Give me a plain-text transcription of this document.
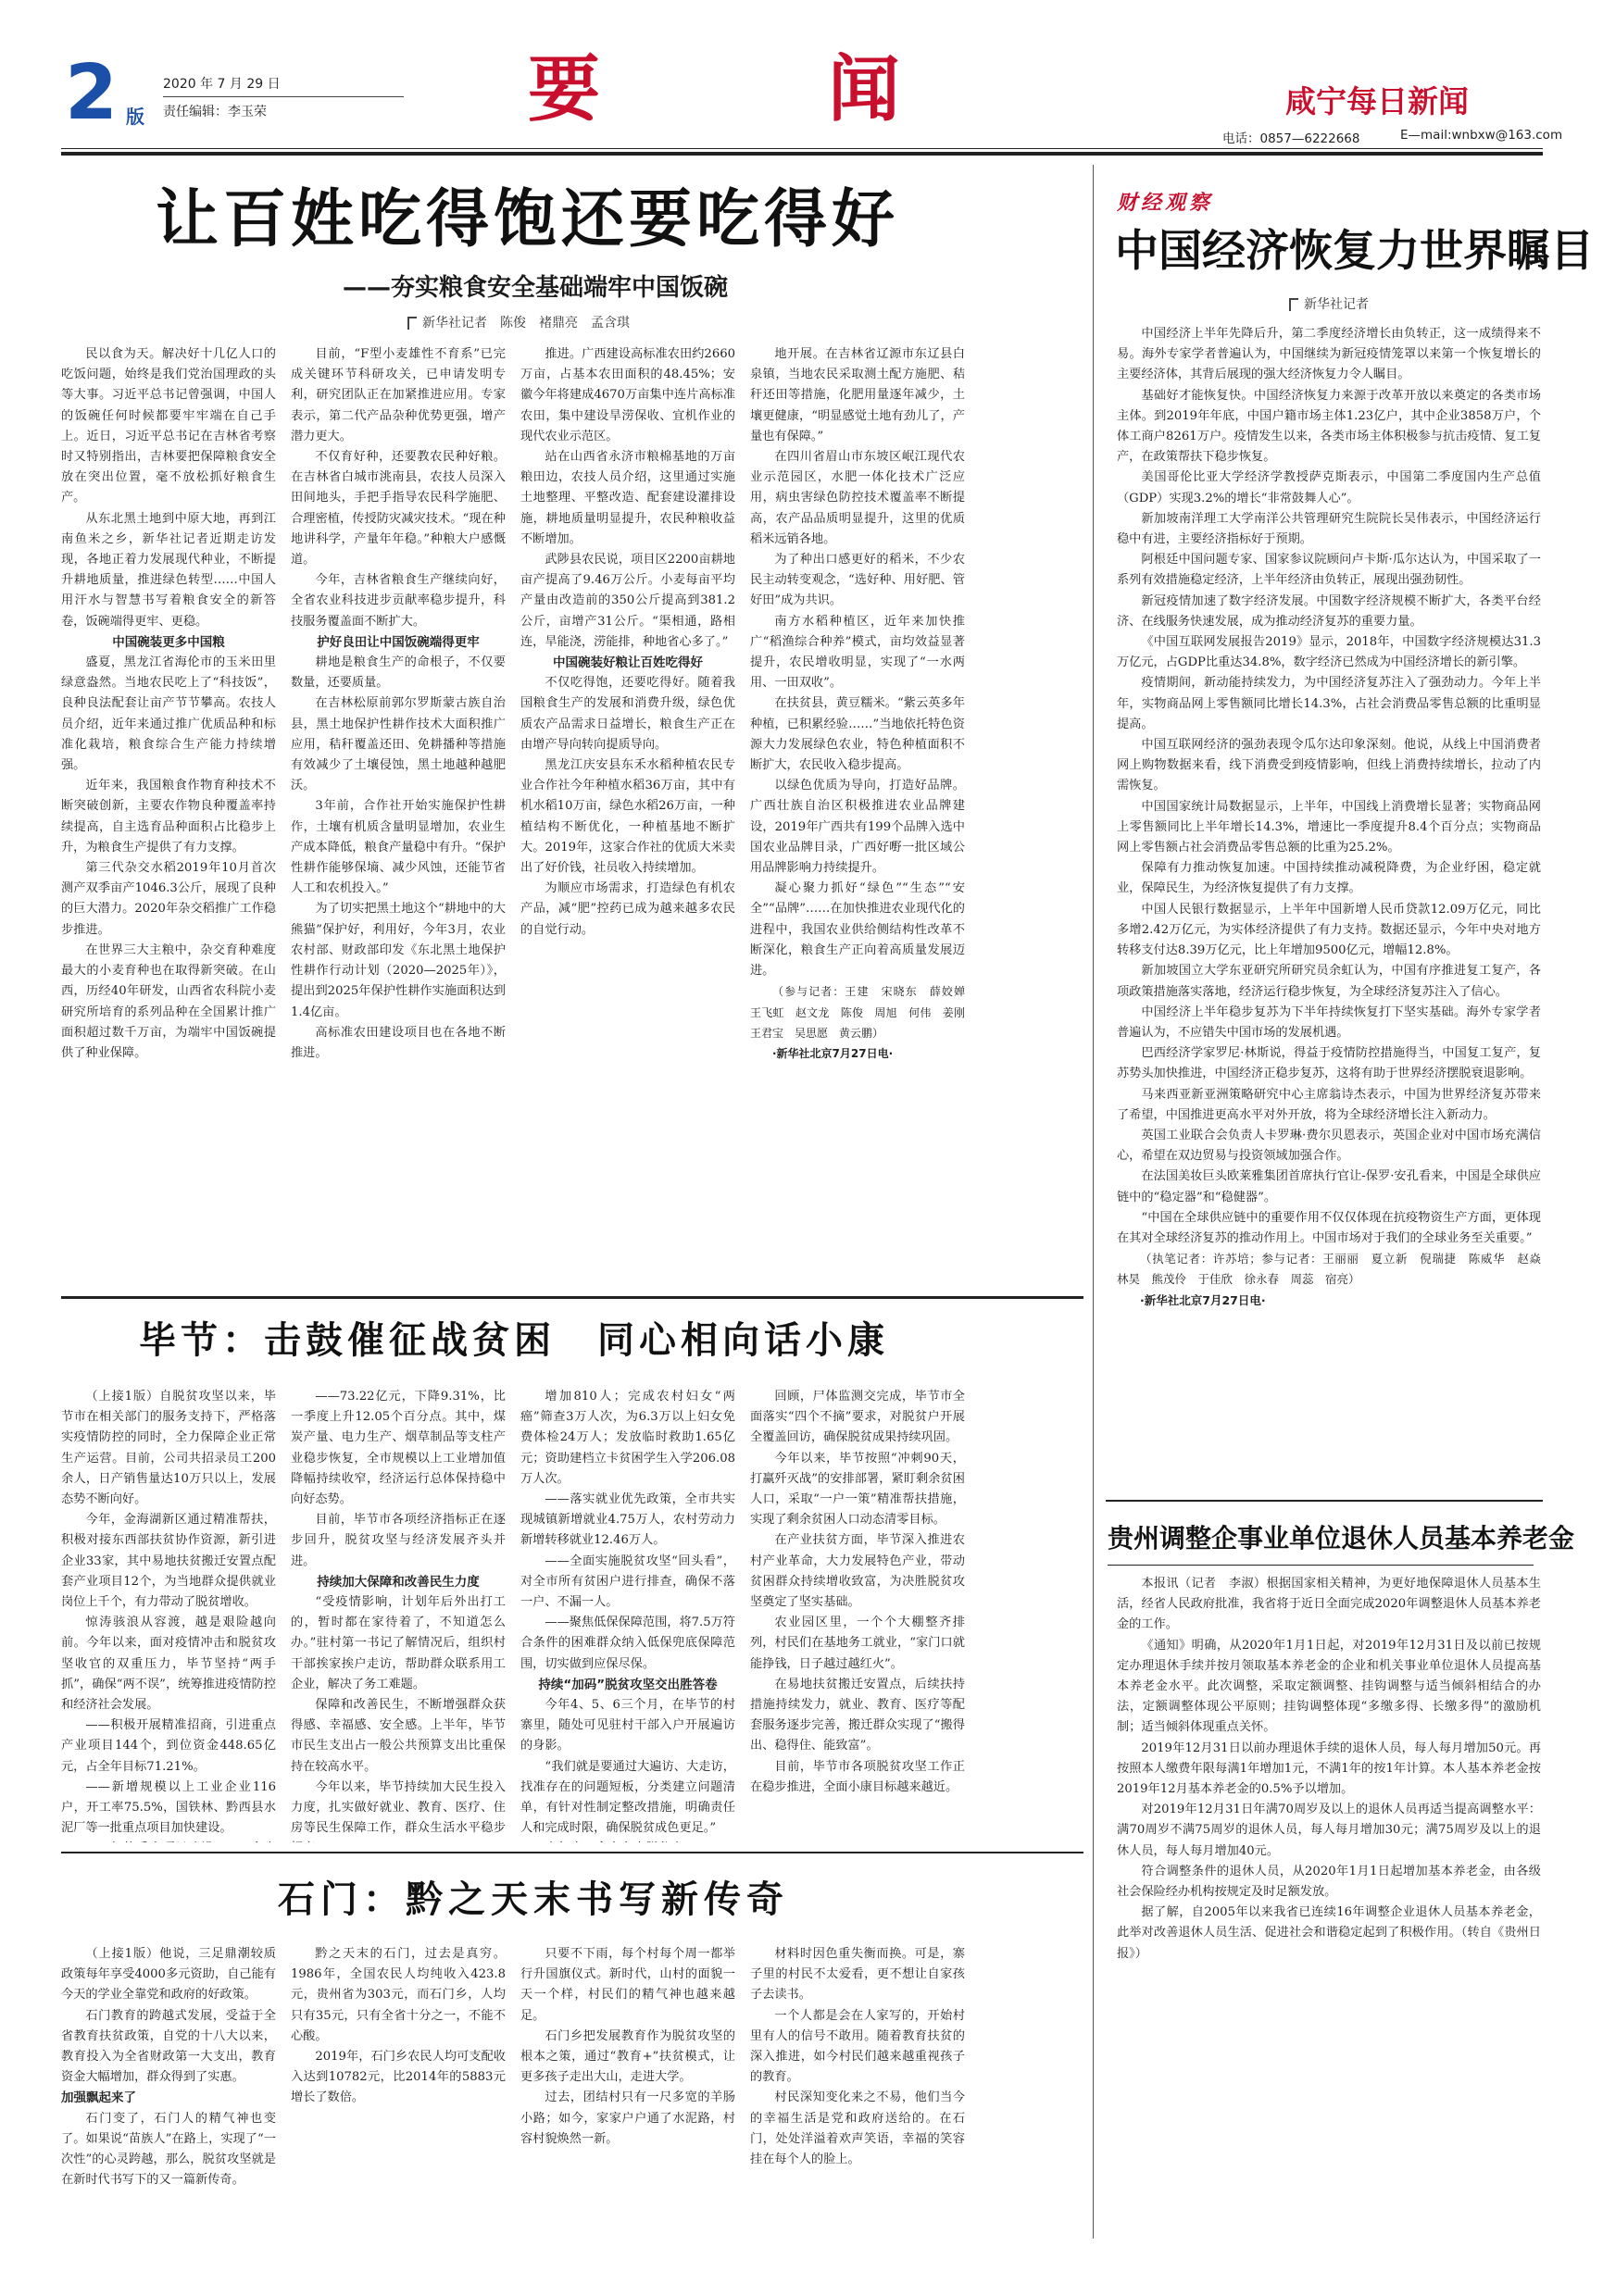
2 版
2020 年 7 月 29 日
责任编辑：李玉荣	要　　闻	咸宁每日新闻
电话：0857—6222668	E—mail:wnbxw@163.com
让百姓吃得饱还要吃得好
——夯实粮食安全基础端牢中国饭碗
新华社记者　陈俊　褚鼎亮　孟含琪

民以食为天。解决好十几亿人口的吃饭问题，始终是我们党治国理政的头等大事。习近平总书记曾强调，中国人的饭碗任何时候都要牢牢端在自己手上。近日，习近平总书记在吉林省考察时又特别指出，吉林要把保障粮食安全放在突出位置，毫不放松抓好粮食生产。

从东北黑土地到中原大地，再到江南鱼米之乡，新华社记者近期走访发现，各地正着力发展现代种业，不断提升耕地质量，推进绿色转型……中国人用汗水与智慧书写着粮食安全的新答卷，饭碗端得更牢、更稳。

中国碗装更多中国粮

盛夏，黑龙江省海伦市的玉米田里绿意盎然。当地农民吃上了“科技饭”，良种良法配套让亩产节节攀高。农技人员介绍，近年来通过推广优质品种和标准化栽培，粮食综合生产能力持续增强。

近年来，我国粮食作物育种技术不断突破创新，主要农作物良种覆盖率持续提高，自主选育品种面积占比稳步上升，为粮食生产提供了有力支撑。

第三代杂交水稻2019年10月首次测产双季亩产1046.3公斤，展现了良种的巨大潜力。2020年杂交稻推广工作稳步推进。

在世界三大主粮中，杂交育种难度最大的小麦育种也在取得新突破。在山西，历经40年研发，山西省农科院小麦研究所培育的系列品种在全国累计推广面积超过数千万亩，为端牢中国饭碗提供了种业保障。

目前，“F型小麦雄性不育系”已完成关键环节科研攻关，已申请发明专利，研究团队正在加紧推进应用。专家表示，第二代产品杂种优势更强，增产潜力更大。

不仅育好种，还要教农民种好粮。在吉林省白城市洮南县，农技人员深入田间地头，手把手指导农民科学施肥、合理密植，传授防灾减灾技术。“现在种地讲科学，产量年年稳。”种粮大户感慨道。

今年，吉林省粮食生产继续向好，全省农业科技进步贡献率稳步提升，科技服务覆盖面不断扩大。

护好良田让中国饭碗端得更牢

耕地是粮食生产的命根子，不仅要数量，还要质量。

在吉林松原前郭尔罗斯蒙古族自治县，黑土地保护性耕作技术大面积推广应用，秸秆覆盖还田、免耕播种等措施有效减少了土壤侵蚀，黑土地越种越肥沃。

3年前，合作社开始实施保护性耕作，土壤有机质含量明显增加，农业生产成本降低，粮食产量稳中有升。“保护性耕作能够保墒、减少风蚀，还能节省人工和农机投入。”

为了切实把黑土地这个“耕地中的大熊猫”保护好，利用好，今年3月，农业农村部、财政部印发《东北黑土地保护性耕作行动计划（2020—2025年）》，提出到2025年保护性耕作实施面积达到1.4亿亩。

高标准农田建设项目也在各地不断推进。

推进。广西建设高标准农田约2660万亩，占基本农田面积的48.45%；安徽今年将建成4670万亩集中连片高标准农田，集中建设旱涝保收、宜机作业的现代农业示范区。

站在山西省永济市粮棉基地的万亩粮田边，农技人员介绍，这里通过实施土地整理、平整改造、配套建设灌排设施，耕地质量明显提升，农民种粮收益不断增加。

武陟县农民说，项目区2200亩耕地亩产提高了9.46万公斤。小麦每亩平均产量由改造前的350公斤提高到381.2公斤，亩增产31公斤。“渠相通，路相连，旱能浇，涝能排，种地省心多了。”

中国碗装好粮让百姓吃得好

不仅吃得饱，还要吃得好。随着我国粮食生产的发展和消费升级，绿色优质农产品需求日益增长，粮食生产正在由增产导向转向提质导向。

黑龙江庆安县东禾水稻种植农民专业合作社今年种植水稻36万亩，其中有机水稻10万亩，绿色水稻26万亩，一种植结构不断优化，一种植基地不断扩大。2019年，这家合作社的优质大米卖出了好价钱，社员收入持续增加。

为顺应市场需求，打造绿色有机农产品，减“肥”控药已成为越来越多农民的自觉行动。

地开展。在吉林省辽源市东辽县白泉镇，当地农民采取测土配方施肥、秸秆还田等措施，化肥用量逐年减少，土壤更健康，“明显感觉土地有劲儿了，产量也有保障。”

在四川省眉山市东坡区岷江现代农业示范园区，水肥一体化技术广泛应用，病虫害绿色防控技术覆盖率不断提高，农产品品质明显提升，这里的优质稻米远销各地。

为了种出口感更好的稻米，不少农民主动转变观念，“选好种、用好肥、管好田”成为共识。

南方水稻种植区，近年来加快推广“稻渔综合种养”模式，亩均效益显著提升，农民增收明显，实现了“一水两用、一田双收”。

在扶贫县，黄豆糯米。“紫云英多年种植，已积累经验……”当地依托特色资源大力发展绿色农业，特色种植面积不断扩大，农民收入稳步提高。

以绿色优质为导向，打造好品牌。广西壮族自治区积极推进农业品牌建设，2019年广西共有199个品牌入选中国农业品牌目录，广西好嘢一批区域公用品牌影响力持续提升。

凝心聚力抓好“绿色”“生态”“安全”“品牌”……在加快推进农业现代化的进程中，我国农业供给侧结构性改革不断深化，粮食生产正向着高质量发展迈进。

（参与记者：王建　宋晓东　薛姣婵　王飞虹　赵文龙　陈俊　周旭　何伟　姜刚　王君宝　吴思愿　黄云鹏）

·新华社北京7月27日电·

财经观察
中国经济恢复力世界瞩目
新华社记者

中国经济上半年先降后升，第二季度经济增长由负转正，这一成绩得来不易。海外专家学者普遍认为，中国继续为新冠疫情笼罩以来第一个恢复增长的主要经济体，其背后展现的强大经济恢复力令人瞩目。

基础好才能恢复快。中国经济恢复力来源于改革开放以来奠定的各类市场主体。到2019年年底，中国户籍市场主体1.23亿户，其中企业3858万户，个体工商户8261万户。疫情发生以来，各类市场主体积极参与抗击疫情、复工复产，在政策帮扶下稳步恢复。

美国哥伦比亚大学经济学教授萨克斯表示，中国第二季度国内生产总值（GDP）实现3.2%的增长“非常鼓舞人心”。

新加坡南洋理工大学南洋公共管理研究生院院长吴伟表示，中国经济运行稳中有进，主要经济指标好于预期。

阿根廷中国问题专家、国家参议院顾问卢卡斯·瓜尔达认为，中国采取了一系列有效措施稳定经济，上半年经济由负转正，展现出强劲韧性。

新冠疫情加速了数字经济发展。中国数字经济规模不断扩大，各类平台经济、在线服务快速发展，成为推动经济复苏的重要力量。

《中国互联网发展报告2019》显示，2018年，中国数字经济规模达31.3万亿元，占GDP比重达34.8%，数字经济已然成为中国经济增长的新引擎。

疫情期间，新动能持续发力，为中国经济复苏注入了强劲动力。今年上半年，实物商品网上零售额同比增长14.3%，占社会消费品零售总额的比重明显提高。

中国互联网经济的强劲表现令瓜尔达印象深刻。他说，从线上中国消费者网上购物数据来看，线下消费受到疫情影响，但线上消费持续增长，拉动了内需恢复。

中国国家统计局数据显示，上半年，中国线上消费增长显著；实物商品网上零售额同比上半年增长14.3%，增速比一季度提升8.4个百分点；实物商品网上零售额占社会消费品零售总额的比重为25.2%。

保障有力推动恢复加速。中国持续推动减税降费，为企业纾困，稳定就业，保障民生，为经济恢复提供了有力支撑。

中国人民银行数据显示，上半年中国新增人民币贷款12.09万亿元，同比多增2.42万亿元，为实体经济提供了有力支持。数据还显示，今年中央对地方转移支付达8.39万亿元，比上年增加9500亿元，增幅12.8%。

新加坡国立大学东亚研究所研究员余虹认为，中国有序推进复工复产，各项政策措施落实落地，经济运行稳步恢复，为全球经济复苏注入了信心。

中国经济上半年稳步复苏为下半年持续恢复打下坚实基础。海外专家学者普遍认为，不应错失中国市场的发展机遇。

巴西经济学家罗尼·林斯说，得益于疫情防控措施得当，中国复工复产，复苏势头加快推进，中国经济正稳步复苏，这将有助于世界经济摆脱衰退影响。

马来西亚新亚洲策略研究中心主席翁诗杰表示，中国为世界经济复苏带来了希望，中国推进更高水平对外开放，将为全球经济增长注入新动力。

英国工业联合会负责人卡罗琳·费尔贝恩表示，英国企业对中国市场充满信心，希望在双边贸易与投资领域加强合作。

在法国美妆巨头欧莱雅集团首席执行官让-保罗·安孔看来，中国是全球供应链中的“稳定器”和“稳健器”。

“中国在全球供应链中的重要作用不仅仅体现在抗疫物资生产方面，更体现在其对全球经济复苏的推动作用上。中国市场对于我们的全球业务至关重要。”

（执笔记者：许苏培；参与记者：王丽丽　夏立新　倪瑞捷　陈威华　赵焱　林昊　熊茂伶　于佳欣　徐永春　周蕊　宿亮）

·新华社北京7月27日电·

贵州调整企事业单位退休人员基本养老金

本报讯（记者　李淑）根据国家相关精神，为更好地保障退休人员基本生活，经省人民政府批准，我省将于近日全面完成2020年调整退休人员基本养老金的工作。

《通知》明确，从2020年1月1日起，对2019年12月31日及以前已按规定办理退休手续并按月领取基本养老金的企业和机关事业单位退休人员提高基本养老金水平。此次调整，采取定额调整、挂钩调整与适当倾斜相结合的办法，定额调整体现公平原则；挂钩调整体现“多缴多得、长缴多得”的激励机制；适当倾斜体现重点关怀。

2019年12月31日以前办理退休手续的退休人员，每人每月增加50元。再按照本人缴费年限每满1年增加1元，不满1年的按1年计算。本人基本养老金按2019年12月基本养老金的0.5%予以增加。

对2019年12月31日年满70周岁及以上的退休人员再适当提高调整水平：满70周岁不满75周岁的退休人员，每人每月增加30元；满75周岁及以上的退休人员，每人每月增加40元。

符合调整条件的退休人员，从2020年1月1日起增加基本养老金，由各级社会保险经办机构按规定及时足额发放。

据了解，自2005年以来我省已连续16年调整企业退休人员基本养老金，此举对改善退休人员生活、促进社会和谐稳定起到了积极作用。（转自《贵州日报》）

毕节：击鼓催征战贫困　同心相向话小康

（上接1版）自脱贫攻坚以来，毕节市在相关部门的服务支持下，严格落实疫情防控的同时，全力保障企业正常生产运营。目前，公司共招录员工200余人，日产销售量达10万只以上，发展态势不断向好。

今年，金海湖新区通过精准帮扶，积极对接东西部扶贫协作资源，新引进企业33家，其中易地扶贫搬迁安置点配套产业项目12个，为当地群众提供就业岗位上千个，有力带动了脱贫增收。

惊涛骇浪从容渡，越是艰险越向前。今年以来，面对疫情冲击和脱贫攻坚收官的双重压力，毕节坚持“两手抓”，确保“两不误”，统筹推进疫情防控和经济社会发展。

——积极开展精准招商，引进重点产业项目144个，到位资金448.65亿元，占全年目标71.21%。

——新增规模以上工业企业116户，开工率75.5%，国铁林、黔西县水泥厂等一批重点项目加快建设。

——73.22亿元，下降9.31%，比一季度上升12.05个百分点。其中，煤炭产量、电力生产、烟草制品等支柱产业稳步恢复，全市规模以上工业增加值降幅持续收窄，经济运行总体保持稳中向好态势。

目前，毕节市各项经济指标正在逐步回升，脱贫攻坚与经济发展齐头并进。

持续加大保障和改善民生力度

“受疫情影响，计划年后外出打工的，暂时都在家待着了，不知道怎么办。”驻村第一书记了解情况后，组织村干部挨家挨户走访，帮助群众联系用工企业，解决了务工难题。

保障和改善民生，不断增强群众获得感、幸福感、安全感。上半年，毕节市民生支出占一般公共预算支出比重保持在较高水平。

今年以来，毕节持续加大民生投入力度，扎实做好就业、教育、医疗、住房等民生保障工作，群众生活水平稳步

增加810人；完成农村妇女“两癌”筛查3万人次，为6.3万以上妇女免费体检24万人；发放临时救助1.65亿元；资助建档立卡贫困学生入学206.08万人次。

——落实就业优先政策，全市共实现城镇新增就业4.75万人，农村劳动力新增转移就业12.46万人。

——全面实施脱贫攻坚“回头看”，对全市所有贫困户进行排查，确保不落一户、不漏一人。

——聚焦低保保障范围，将7.5万符合条件的困难群众纳入低保兜底保障范围，切实做到应保尽保。

持续“加码”脱贫攻坚交出胜答卷

今年4、5、6三个月，在毕节的村寨里，随处可见驻村干部入户开展遍访的身影。

“我们就是要通过大遍访、大走访，找准存在的问题短板，分类建立问题清单，有针对性制定整改措施，明确责任人和完成时限，确保脱贫成色更足。”

回顾，尸体监测交完成，毕节市全面落实“四个不摘”要求，对脱贫户开展全覆盖回访，确保脱贫成果持续巩固。

今年以来，毕节按照“冲刺90天，打赢歼灭战”的安排部署，紧盯剩余贫困人口，采取“一户一策”精准帮扶措施，实现了剩余贫困人口动态清零目标。

在产业扶贫方面，毕节深入推进农村产业革命，大力发展特色产业，带动贫困群众持续增收致富，为决胜脱贫攻坚奠定了坚实基础。

农业园区里，一个个大棚整齐排列，村民们在基地务工就业，“家门口就能挣钱，日子越过越红火”。

在易地扶贫搬迁安置点，后续扶持措施持续发力，就业、教育、医疗等配套服务逐步完善，搬迁群众实现了“搬得出、稳得住、能致富”。

目前，毕节市各项脱贫攻坚工作正在稳步推进，全面小康目标越来越近。

石门：黔之天末书写新传奇

（上接1版）他说，三足鼎潮较质政策每年享受4000多元资助，自己能有今天的学业全靠党和政府的好政策。

石门教育的跨越式发展，受益于全省教育扶贫政策，自党的十八大以来，教育投入为全省财政第一大支出，教育资金大幅增加，群众得到了实惠。

加强飘起来了

石门变了，石门人的精气神也变了。如果说“苗族人”在路上，实现了“一次性”的心灵跨越，那么，脱贫攻坚就是在新时代书写下的又一篇新传奇。

黔之天末的石门，过去是真穷。1986年，全国农民人均纯收入423.8元，贵州省为303元，而石门乡，人均只有35元，只有全省十分之一，不能不心酸。

2019年，石门乡农民人均可支配收入达到10782元，比2014年的5883元增长了数倍。

只要不下雨，每个村每个周一都举行升国旗仪式。新时代，山村的面貌一天一个样，村民们的精气神也越来越足。

石门乡把发展教育作为脱贫攻坚的根本之策，通过“教育+”扶贫模式，让更多孩子走出大山，走进大学。

过去，团结村只有一尺多宽的羊肠小路；如今，家家户户通了水泥路，村容村貌焕然一新。

材料时因色重失衡而换。可是，寨子里的村民不太爱看，更不想让自家孩子去读书。

一个人都是会在人家写的，开始村里有人的信号不敢用。随着教育扶贫的深入推进，如今村民们越来越重视孩子的教育。

村民深知变化来之不易，他们当今的幸福生活是党和政府送给的。在石门，处处洋溢着欢声笑语，幸福的笑容挂在每个人的脸上。
